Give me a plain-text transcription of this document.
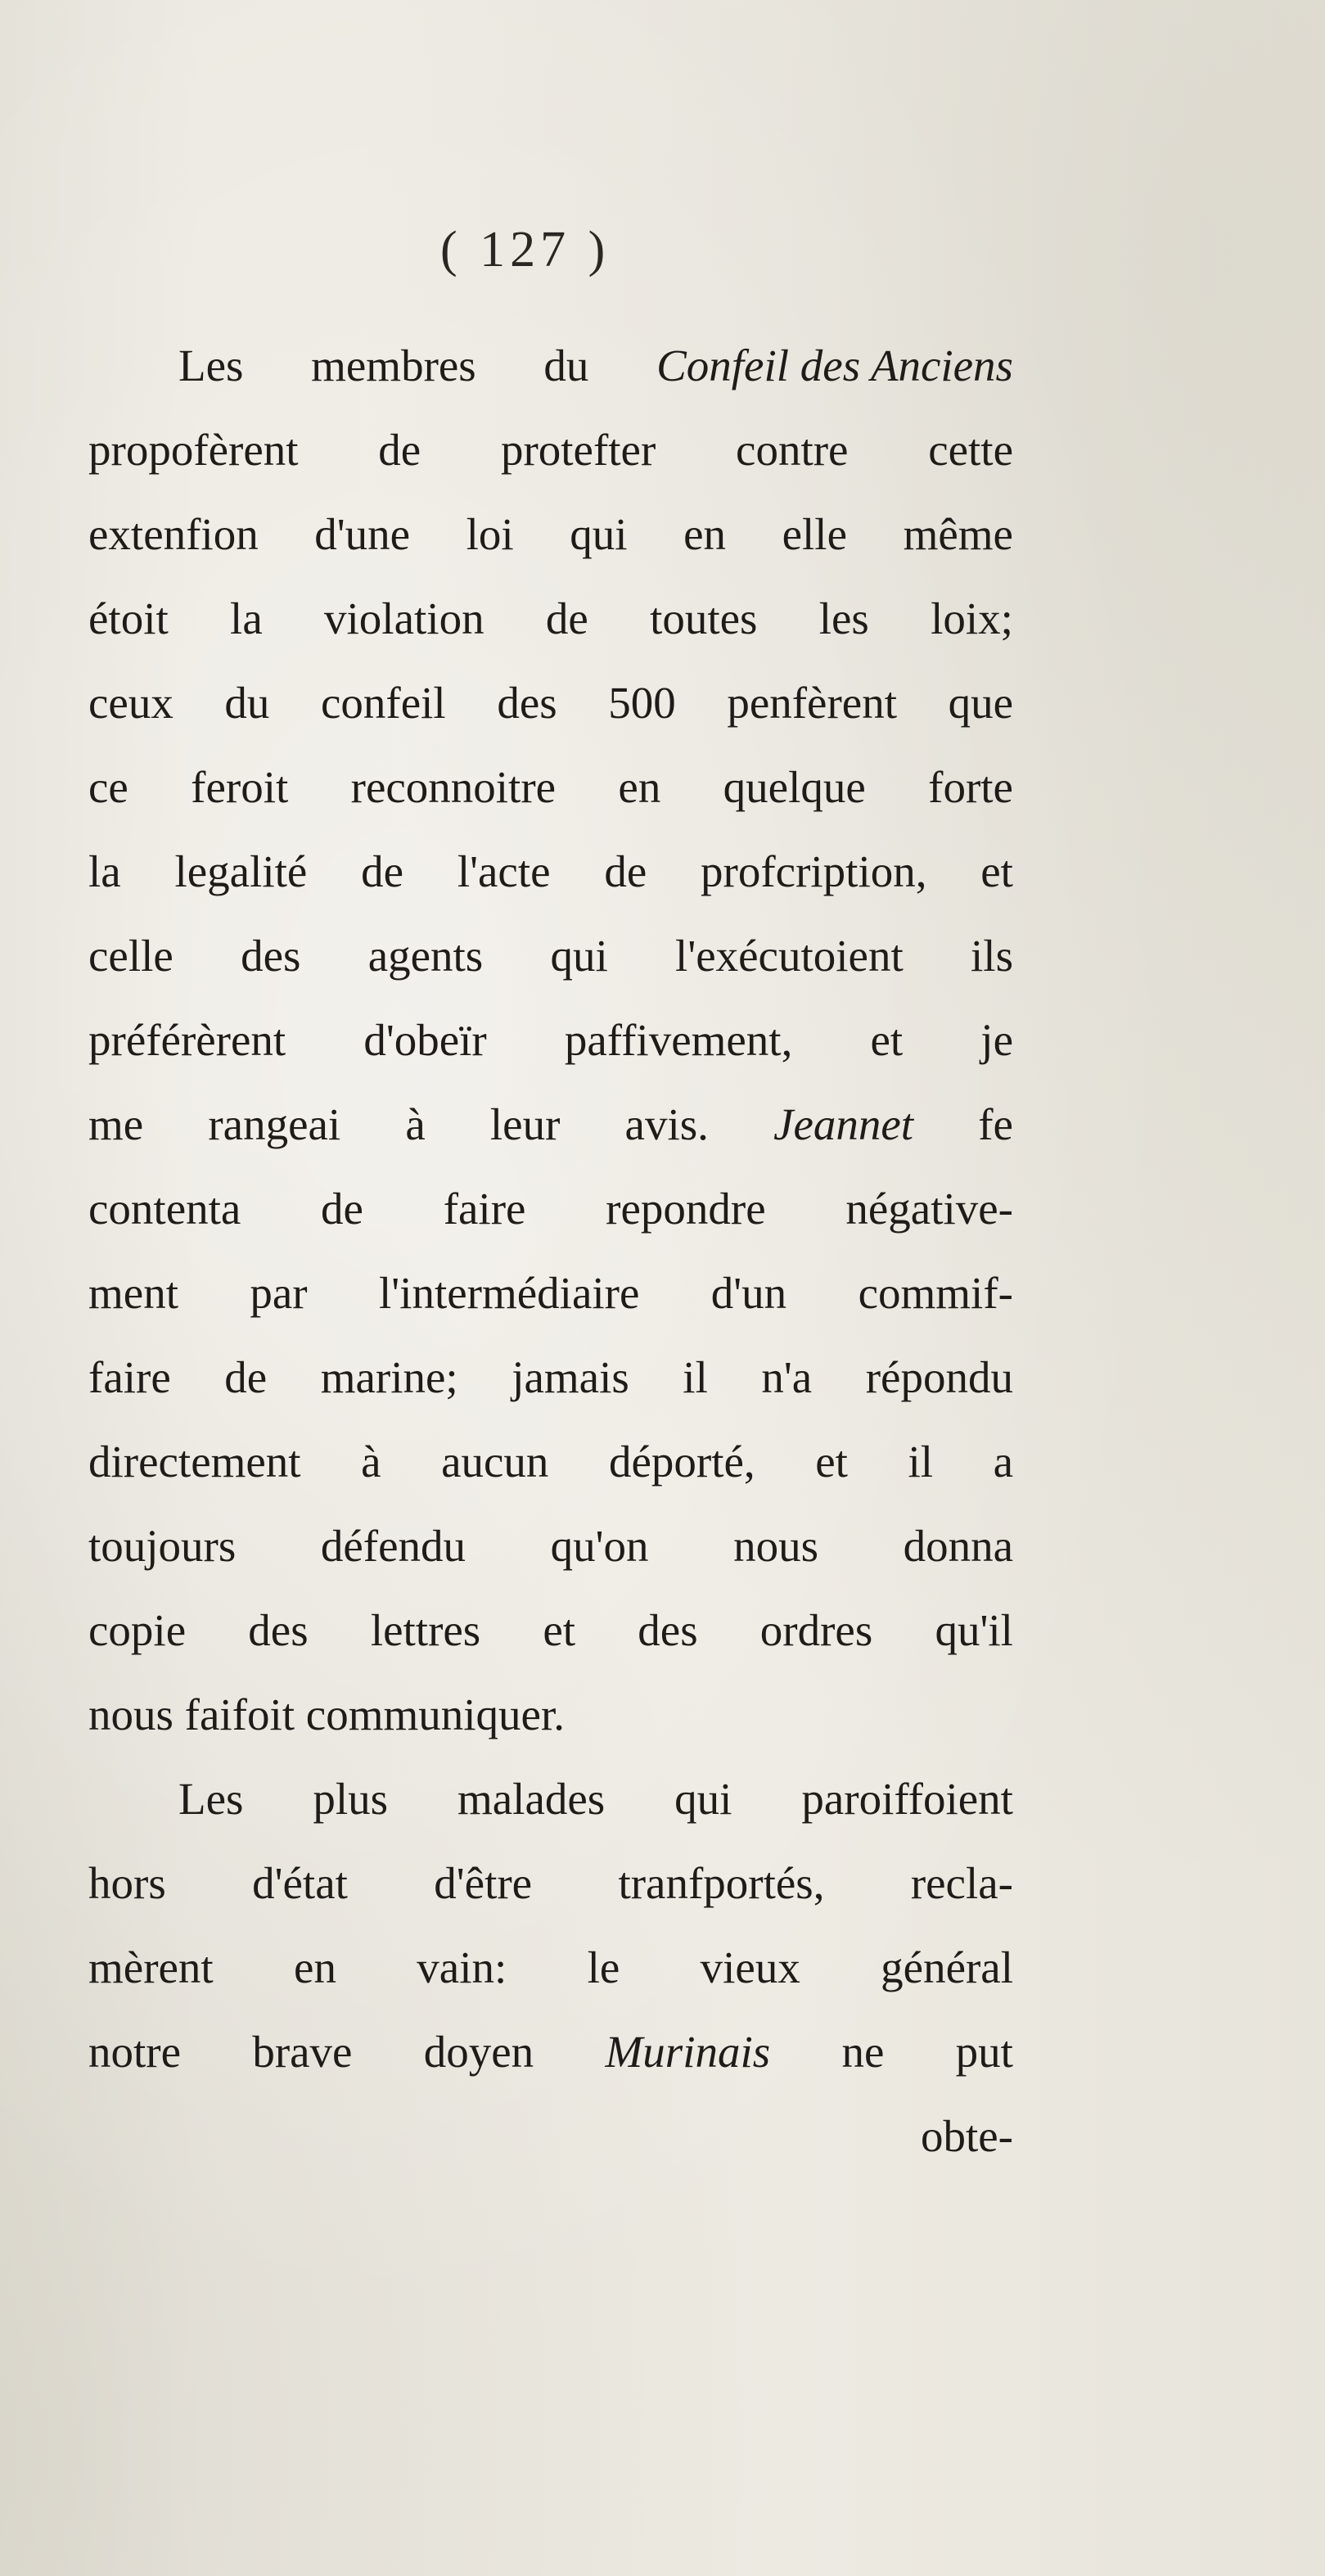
( 127 )
Les membres du Confeil des Anciens
propofèrent de protefter contre cette
extenfion d'une loi qui en elle même
étoit la violation de toutes les loix;
ceux du confeil des 500 penfèrent que
ce feroit reconnoitre en quelque forte
la legalité de l'acte de profcription, et
celle des agents qui l'exécutoient ils
préférèrent d'obeïr paffivement, et je
me rangeai à leur avis. Jeannet fe
contenta de faire repondre négative-
ment par l'intermédiaire d'un commif-
faire de marine; jamais il n'a répondu
directement à aucun déporté, et il a
toujours défendu qu'on nous donna
copie des lettres et des ordres qu'il
nous faifoit communiquer.
Les plus malades qui paroiffoient
hors d'état d'être tranfportés, recla-
mèrent en vain: le vieux général
notre brave doyen Murinais ne put
obte-
